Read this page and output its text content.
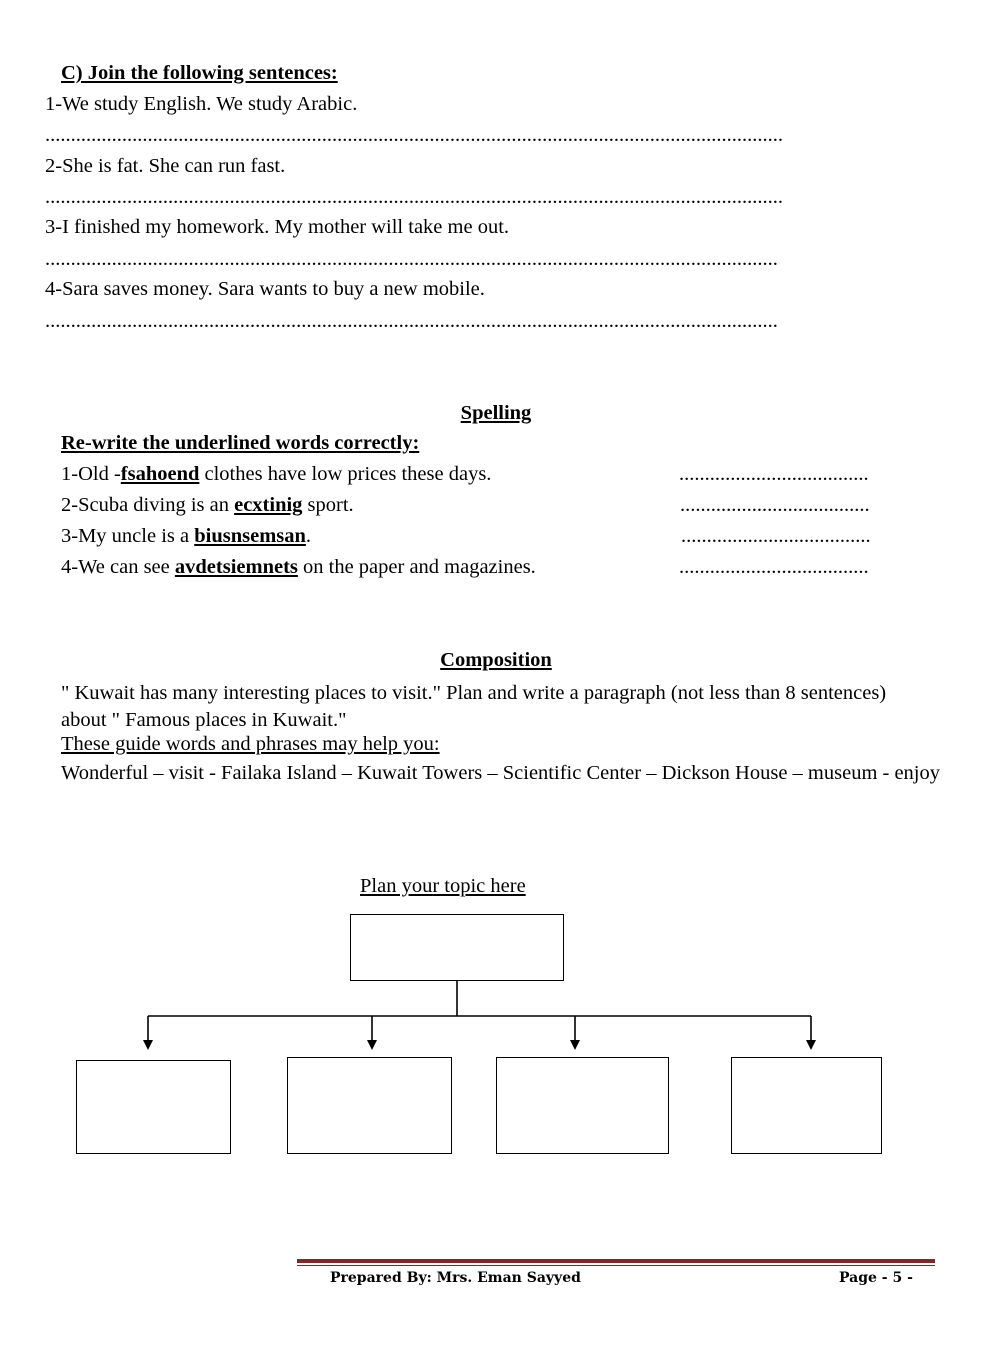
C) Join the following sentences:
1-We study English. We study Arabic.
................................................................................................................................................
2-She is fat. She can run fast.
................................................................................................................................................
3-I finished my homework. My mother will take me out.
...............................................................................................................................................
4-Sara saves money. Sara wants to buy a new mobile.
...............................................................................................................................................
Spelling
Re-write the underlined words correctly:
1-Old -fsahoend clothes have low prices these days.	.....................................
2-Scuba diving is an ecxtinig sport.	.....................................
3-My uncle is a biusnsemsan.	.....................................
4-We can see avdetsiemnets on the paper and magazines.	.....................................
Composition
" Kuwait has many interesting places to visit." Plan and write a paragraph (not less than 8 sentences) about " Famous places in Kuwait."
These guide words and phrases may help you:
Wonderful – visit - Failaka Island – Kuwait Towers – Scientific Center – Dickson House – museum - enjoy
Plan your topic here
Prepared By: Mrs. Eman Sayyed	Page - 5 -
